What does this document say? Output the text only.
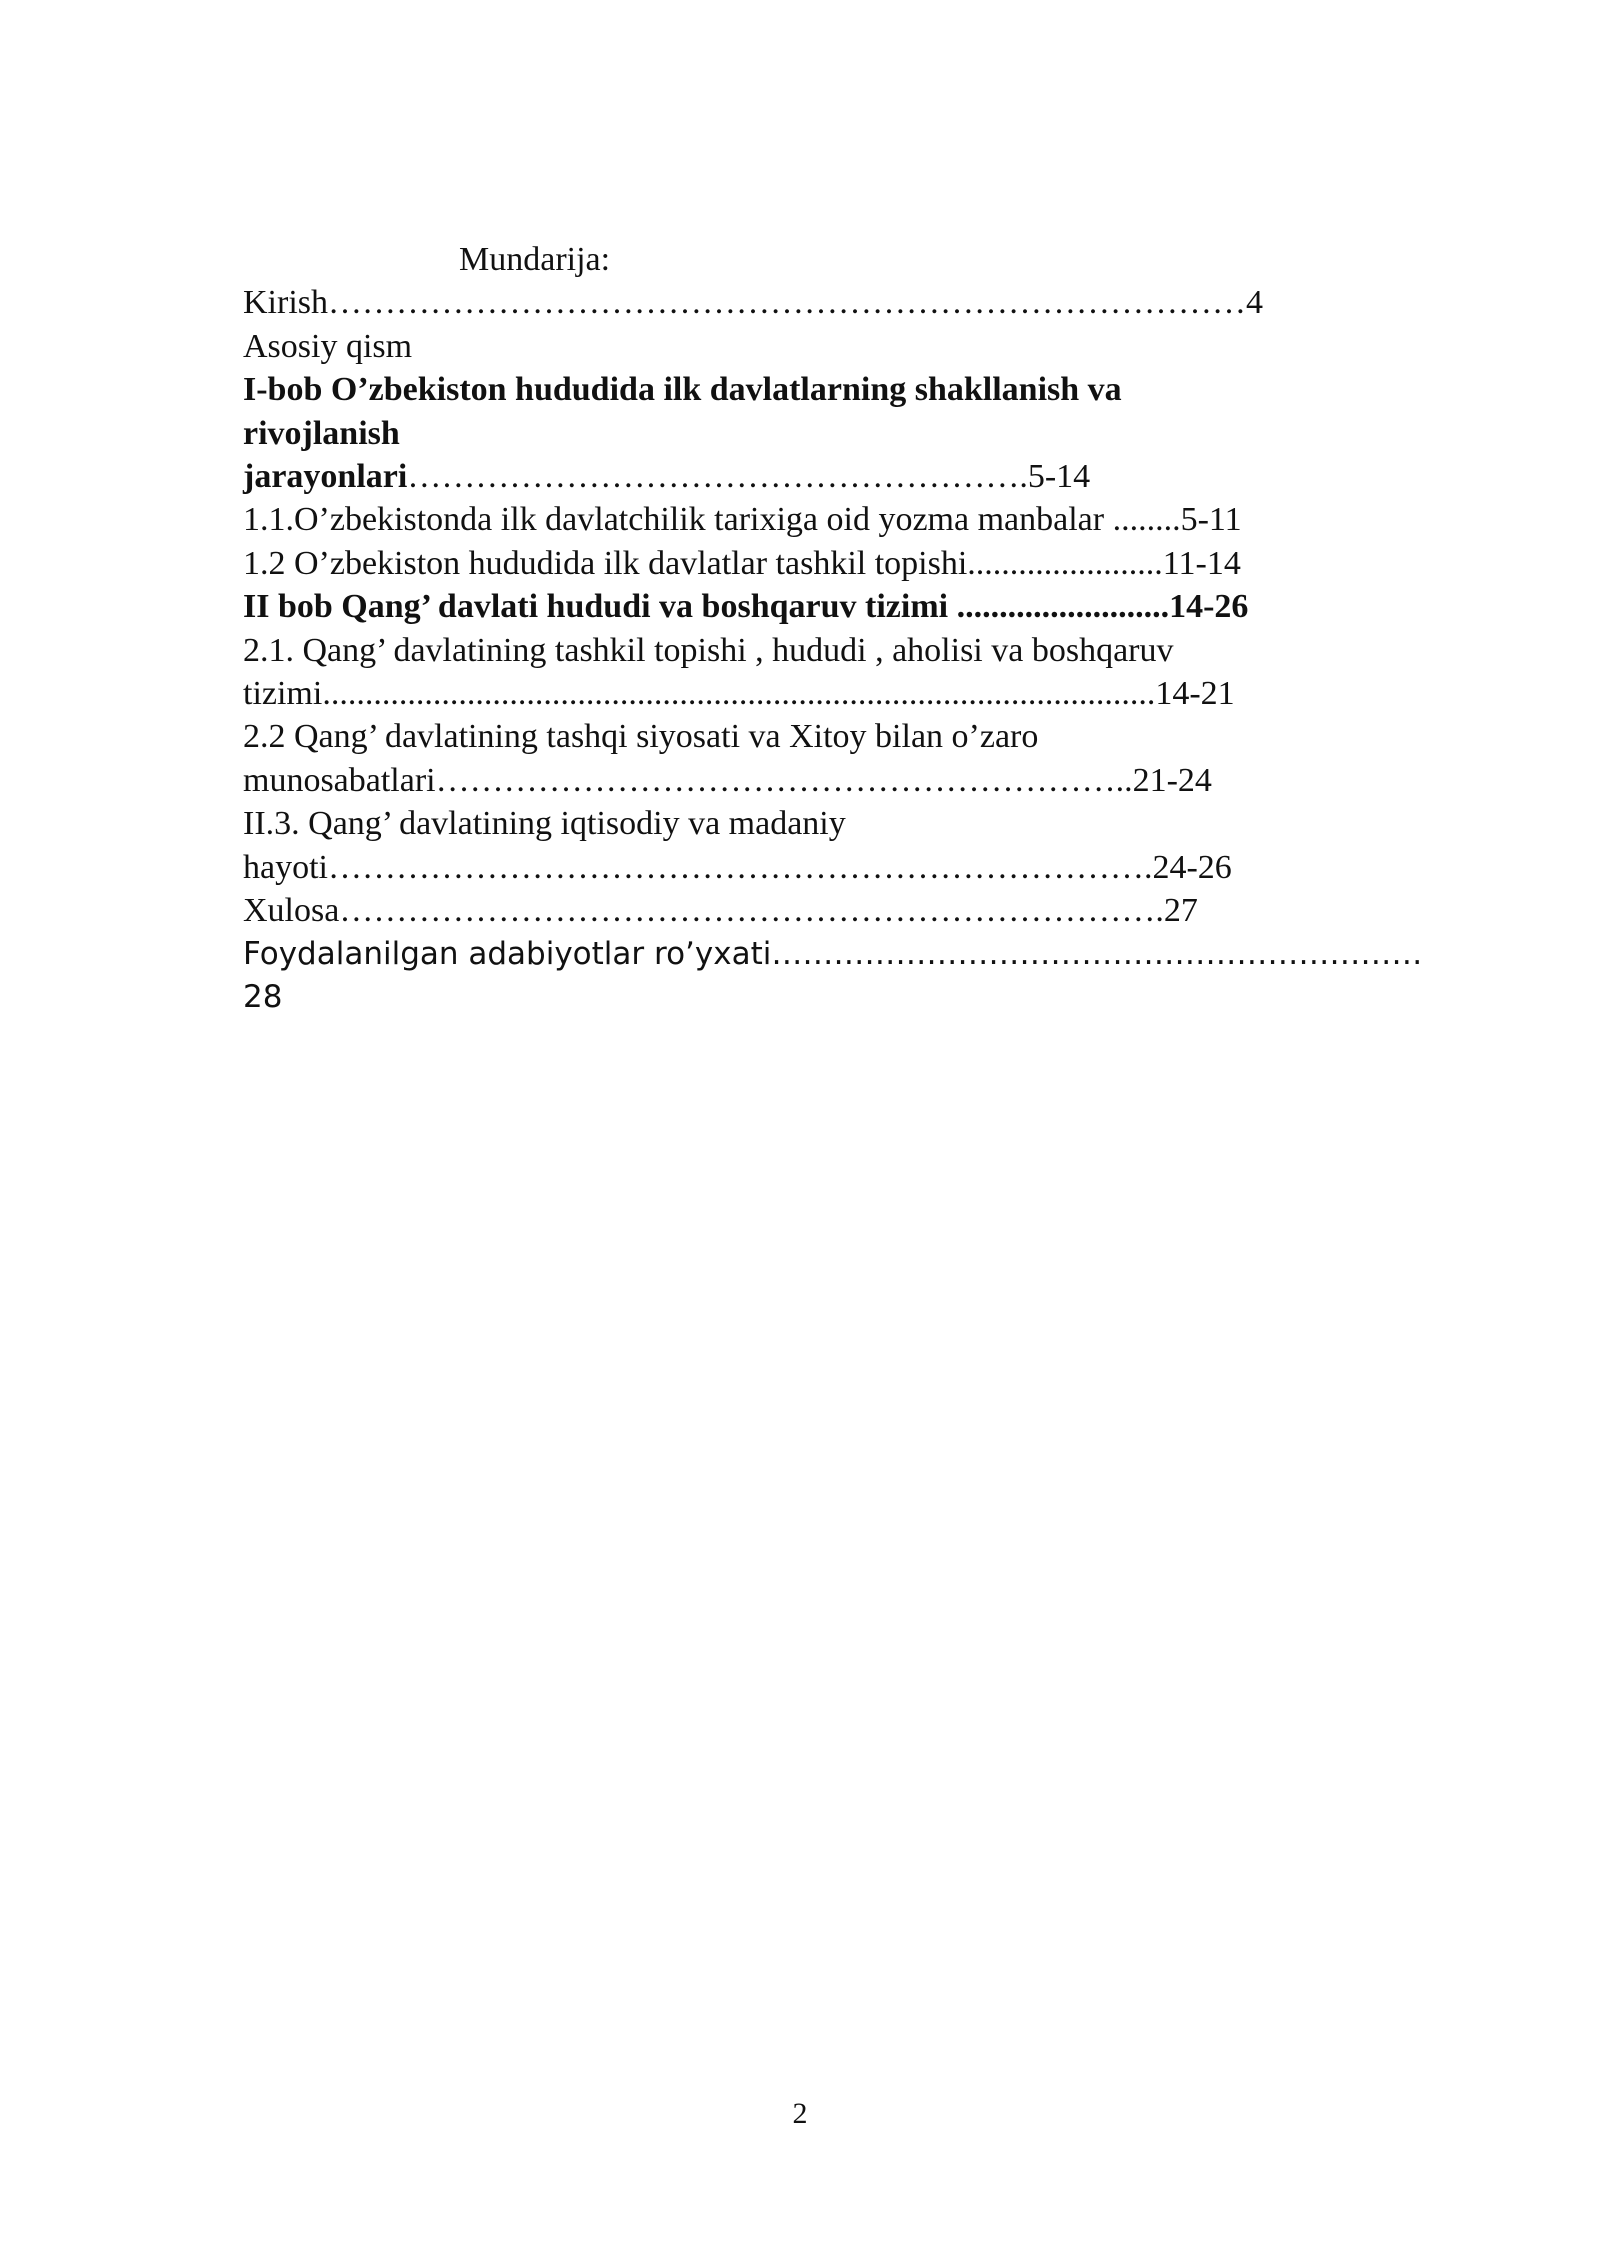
Mundarija:
Kirish………………………………………………………………………4
Asosiy qism
I-bob O’zbekiston hududida ilk davlatlarning shakllanish va
rivojlanish
jarayonlari……………………………………………….5-14
1.1.O’zbekistonda ilk davlatchilik tarixiga oid yozma manbalar ........5-11
1.2 O’zbekiston hududida ilk davlatlar tashkil topishi.......................11-14
II bob Qang’ davlati hududi va boshqaruv tizimi .........................14-26
2.1. Qang’ davlatining tashkil topishi , hududi , aholisi va boshqaruv
tizimi..................................................................................................14-21
2.2 Qang’ davlatining tashqi siyosati va Xitoy bilan o’zaro
munosabatlari……………………………………………………..21-24
II.3. Qang’ davlatining iqtisodiy va madaniy
hayoti……………………………………………………………….24-26
Xulosa……………………………………………………………….27
Foydalanilgan adabiyotlar ro’yxati………………………………………………………
28
2
